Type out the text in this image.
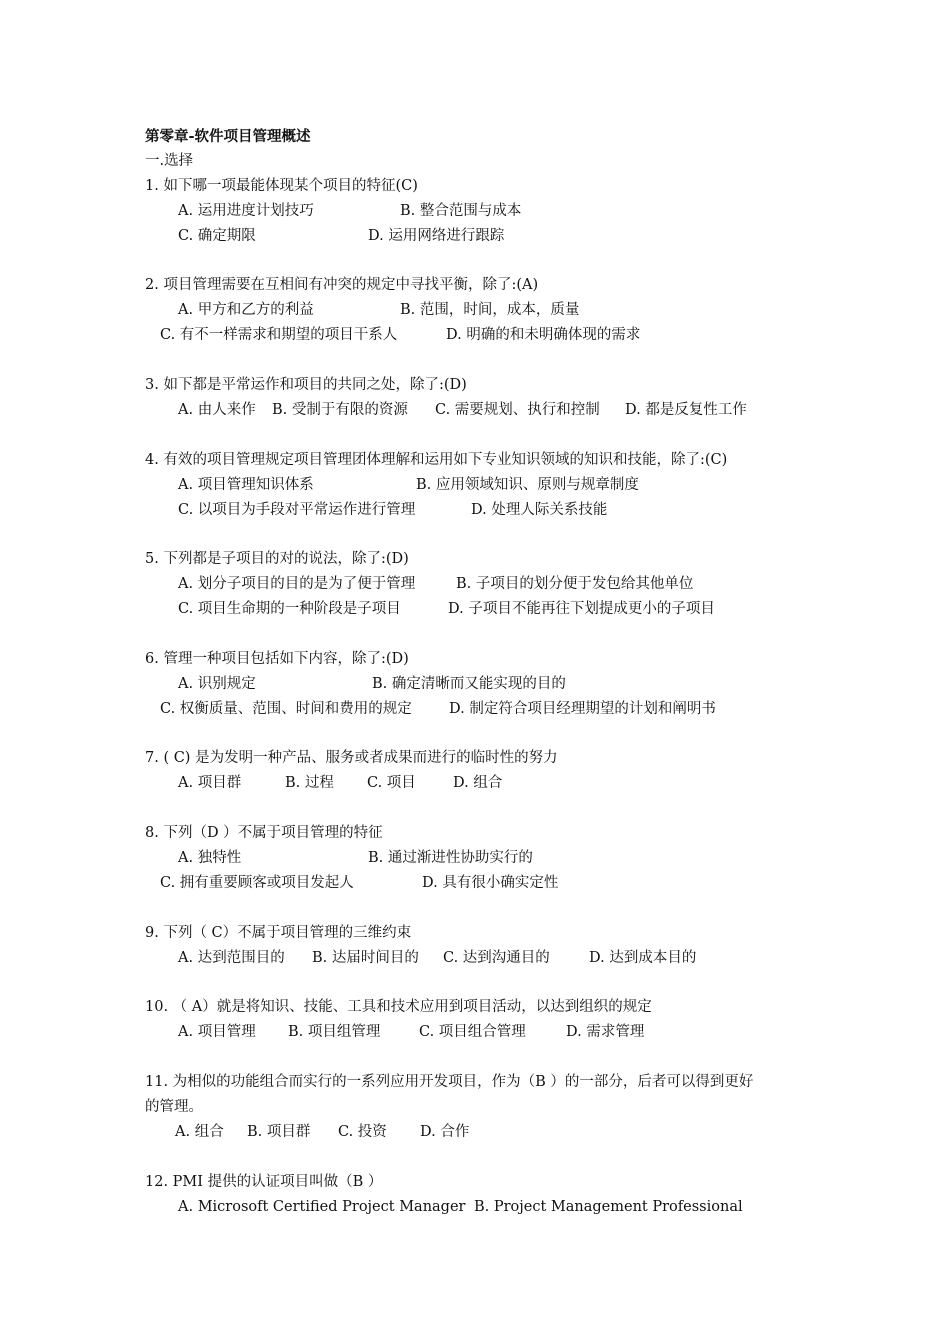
第零章-软件项目管理概述
一.选择
1. 如下哪一项最能体现某个项目的特征(C)
A. 运用进度计划技巧	B. 整合范围与成本
C. 确定期限	D. 运用网络进行跟踪
2. 项目管理需要在互相间有冲突的规定中寻找平衡，除了:(A)
A. 甲方和乙方的利益	B. 范围，时间，成本，质量
C. 有不一样需求和期望的项目干系人	D. 明确的和未明确体现的需求
3. 如下都是平常运作和项目的共同之处，除了:(D)
A. 由人来作 B. 受制于有限的资源 C. 需要规划、执行和控制 D. 都是反复性工作
4. 有效的项目管理规定项目管理团体理解和运用如下专业知识领域的知识和技能，除了:(C)
A. 项目管理知识体系	B. 应用领域知识、原则与规章制度
C. 以项目为手段对平常运作进行管理	D. 处理人际关系技能
5. 下列都是子项目的对的说法，除了:(D)
A. 划分子项目的目的是为了便于管理	B. 子项目的划分便于发包给其他单位
C. 项目生命期的一种阶段是子项目	D. 子项目不能再往下划提成更小的子项目
6. 管理一种项目包括如下内容，除了:(D)
A. 识别规定	B. 确定清晰而又能实现的目的
C. 权衡质量、范围、时间和费用的规定	D. 制定符合项目经理期望的计划和阐明书
7. ( C) 是为发明一种产品、服务或者成果而进行的临时性的努力
A. 项目群	B. 过程 C. 项目	D. 组合
8. 下列（D ）不属于项目管理的特征
A. 独特性	B. 通过渐进性协助实行的
C. 拥有重要顾客或项目发起人	D. 具有很小确实定性
9. 下列（ C）不属于项目管理的三维约束
A. 达到范围目的 B. 达届时间目的 C. 达到沟通目的	D. 达到成本目的
10. （ A）就是将知识、技能、工具和技术应用到项目活动，以达到组织的规定
A. 项目管理 B. 项目组管理	C. 项目组合管理	D. 需求管理
11. 为相似的功能组合而实行的一系列应用开发项目，作为（B ）的一部分，后者可以得到更好
的管理。
A. 组合 B. 项目群 C. 投资 D. 合作
12. PMI 提供的认证项目叫做（B ）
A. Microsoft Certified Project Manager B. Project Management Professional
